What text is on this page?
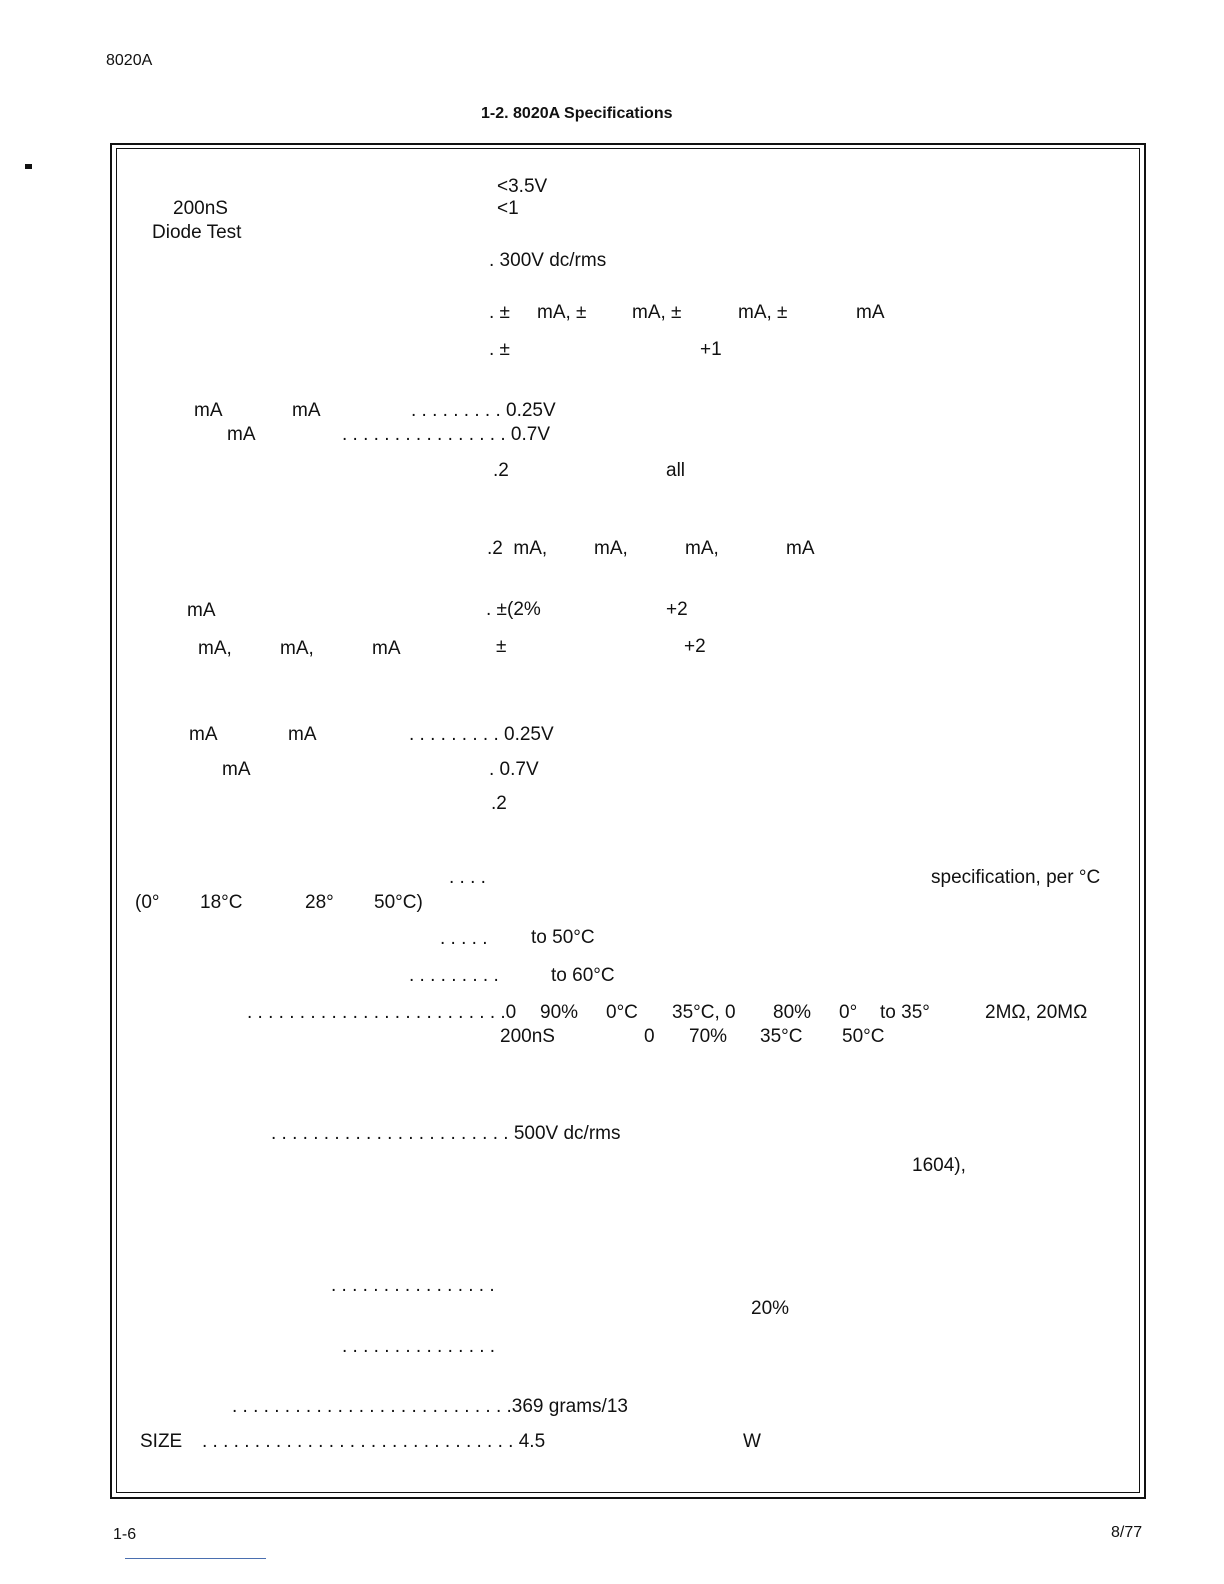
8020A
1-2. 8020A Specifications
<3.5V
200nS	<1
Diode Test
. 300V dc/rms
. ± mA, ± mA, ±	mA, ±	mA
. ±	+1
mA	mA	. . . . . . . . . 0.25V
mA	. . . . . . . . . . . . . . . . 0.7V
.2	all
.2  mA, mA,	mA,	mA
mA	. ±(2%	+2
mA,	mA,	mA	±	+2
mA	mA	. . . . . . . . . 0.25V
mA	. 0.7V
.2
. . . .	specification, per °C
(0° 18°C	28° 50°C)
. . . . . to 50°C
. . . . . . . . .	to 60°C
. . . . . . . . . . . . . . . . . . . . . . . . .0 90% 0°C 35°C, 0 80% 0° to 35°	2MΩ, 20MΩ
200nS	0 70% 35°C 50°C
. . . . . . . . . . . . . . . . . . . . . . . 500V dc/rms
1604),
. . . . . . . . . . . . . . . .
20%
. . . . . . . . . . . . . . .
. . . . . . . . . . . . . . . . . . . . . . . . . . .369 grams/13
SIZE . . . . . . . . . . . . . . . . . . . . . . . . . . . . . . 4.5	W
1-6	8/77
